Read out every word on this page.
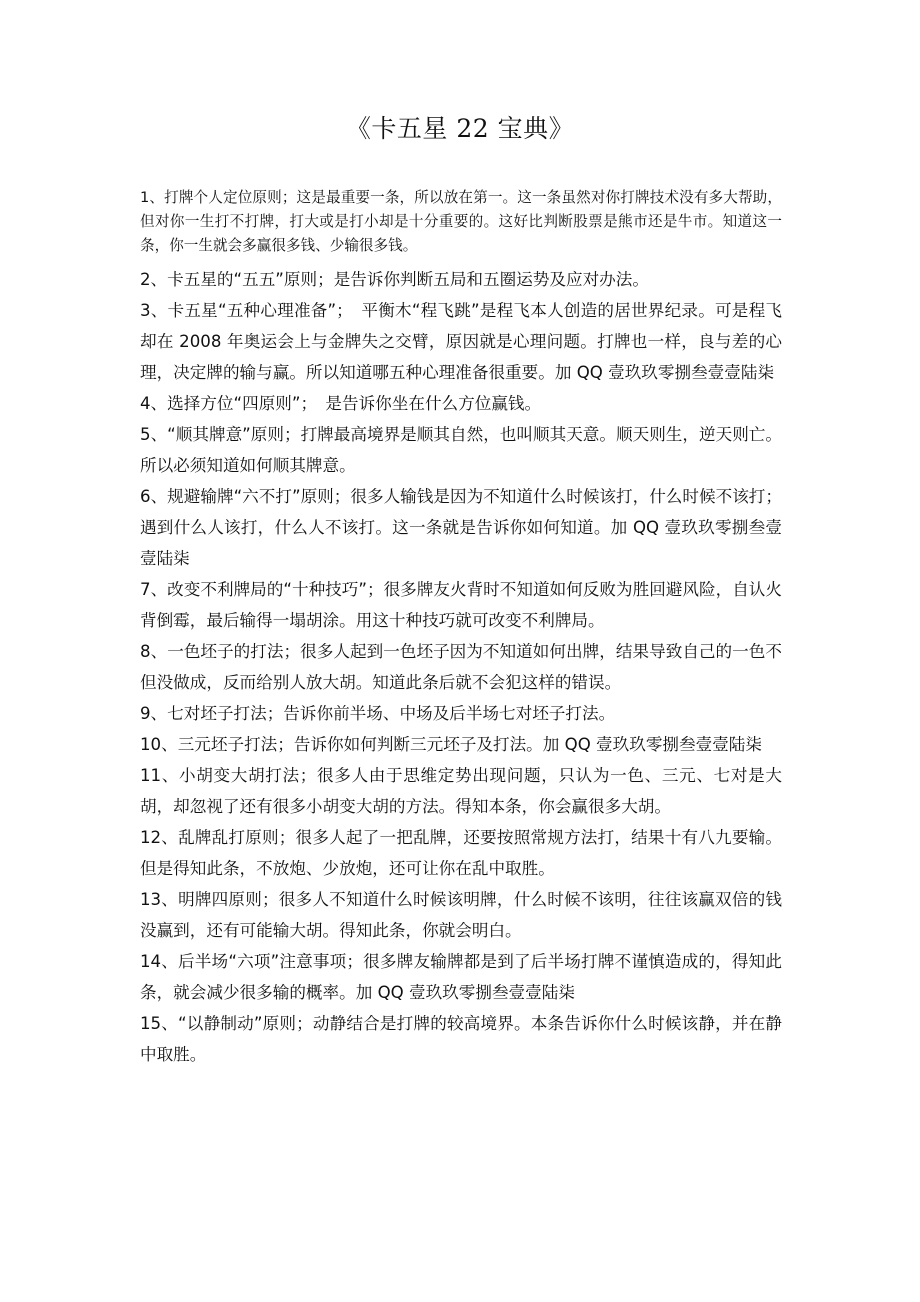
《卡五星 22 宝典》

1、打牌个人定位原则；这是最重要一条，所以放在第一。这一条虽然对你打牌技术没有多大帮助，但对你一生打不打牌，打大或是打小却是十分重要的。这好比判断股票是熊市还是牛市。知道这一条，你一生就会多赢很多钱、少输很多钱。

2、卡五星的“五五”原则；是告诉你判断五局和五圈运势及应对办法。

3、卡五星“五种心理准备”；　平衡木“程飞跳”是程飞本人创造的居世界纪录。可是程飞却在 2008 年奥运会上与金牌失之交臂，原因就是心理问题。打牌也一样，良与差的心理，决定牌的输与赢。所以知道哪五种心理准备很重要。加 QQ 壹玖玖零捌叁壹壹陆柒

4、选择方位“四原则”；　是告诉你坐在什么方位赢钱。

5、“顺其牌意”原则；打牌最高境界是顺其自然，也叫顺其天意。顺天则生，逆天则亡。所以必须知道如何顺其牌意。

6、规避输牌“六不打”原则；很多人输钱是因为不知道什么时候该打，什么时候不该打；遇到什么人该打，什么人不该打。这一条就是告诉你如何知道。加 QQ 壹玖玖零捌叁壹壹陆柒

7、改变不利牌局的“十种技巧”；很多牌友火背时不知道如何反败为胜回避风险，自认火背倒霉，最后输得一塌胡涂。用这十种技巧就可改变不利牌局。

8、一色坯子的打法；很多人起到一色坯子因为不知道如何出牌，结果导致自己的一色不但没做成，反而给别人放大胡。知道此条后就不会犯这样的错误。

9、七对坯子打法；告诉你前半场、中场及后半场七对坯子打法。

10、三元坯子打法；告诉你如何判断三元坯子及打法。加 QQ 壹玖玖零捌叁壹壹陆柒

11、小胡变大胡打法；很多人由于思维定势出现问题，只认为一色、三元、七对是大胡，却忽视了还有很多小胡变大胡的方法。得知本条，你会赢很多大胡。

12、乱牌乱打原则；很多人起了一把乱牌，还要按照常规方法打，结果十有八九要输。但是得知此条，不放炮、少放炮，还可让你在乱中取胜。

13、明牌四原则；很多人不知道什么时候该明牌，什么时候不该明，往往该赢双倍的钱没赢到，还有可能输大胡。得知此条，你就会明白。

14、后半场“六项”注意事项；很多牌友输牌都是到了后半场打牌不谨慎造成的，得知此条，就会减少很多输的概率。加 QQ 壹玖玖零捌叁壹壹陆柒

15、“以静制动”原则；动静结合是打牌的较高境界。本条告诉你什么时候该静，并在静中取胜。
